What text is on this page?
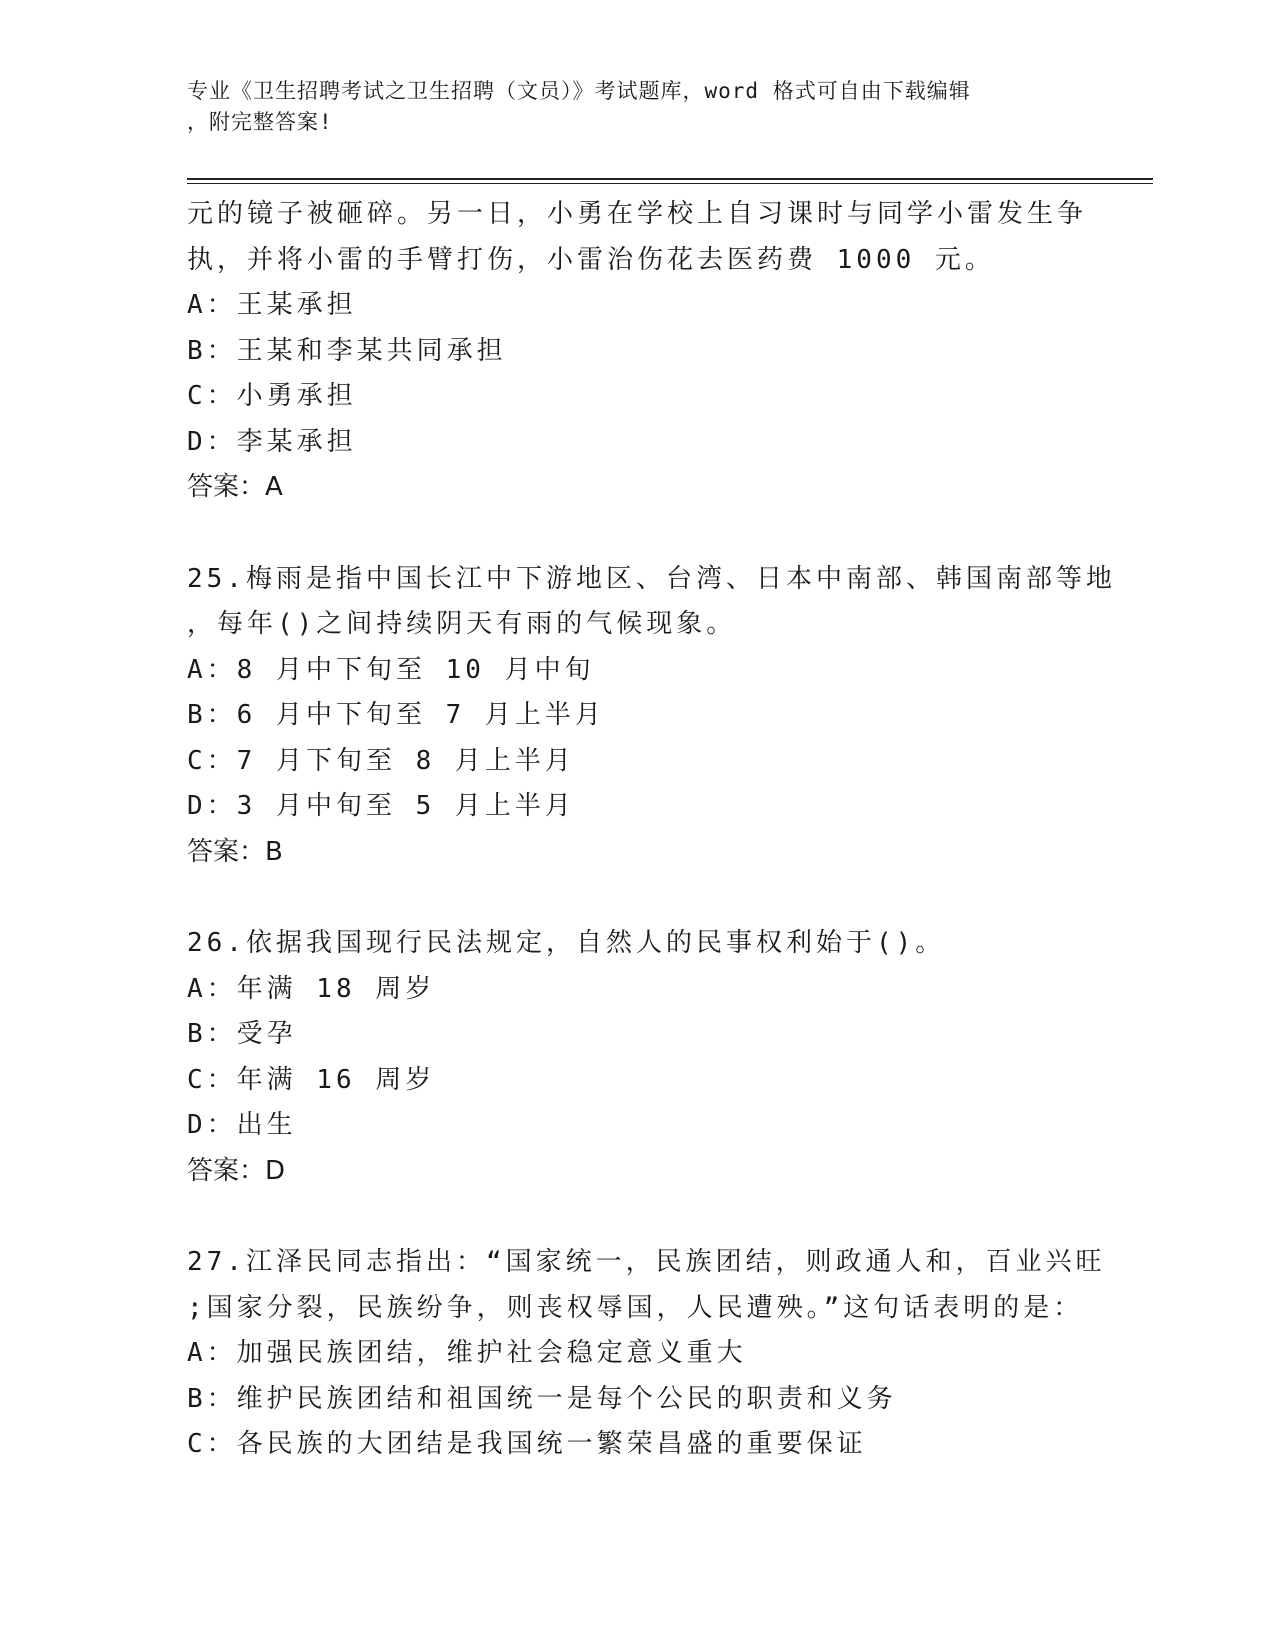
专业《卫生招聘考试之卫生招聘（文员）》考试题库，word 格式可自由下载编辑
，附完整答案!
元的镜子被砸碎。另一日，小勇在学校上自习课时与同学小雷发生争
执，并将小雷的手臂打伤，小雷治伤花去医药费 1000 元。
A：王某承担
B：王某和李某共同承担
C：小勇承担
D：李某承担
答案：A
25.梅雨是指中国长江中下游地区、台湾、日本中南部、韩国南部等地
，每年()之间持续阴天有雨的气候现象。
A：8 月中下旬至 10 月中旬
B：6 月中下旬至 7 月上半月
C：7 月下旬至 8 月上半月
D：3 月中旬至 5 月上半月
答案：B
26.依据我国现行民法规定，自然人的民事权利始于()。
A：年满 18 周岁
B：受孕
C：年满 16 周岁
D：出生
答案：D
27.江泽民同志指出：“国家统一，民族团结，则政通人和，百业兴旺
;国家分裂，民族纷争，则丧权辱国，人民遭殃。”这句话表明的是：
A：加强民族团结，维护社会稳定意义重大
B：维护民族团结和祖国统一是每个公民的职责和义务
C：各民族的大团结是我国统一繁荣昌盛的重要保证
